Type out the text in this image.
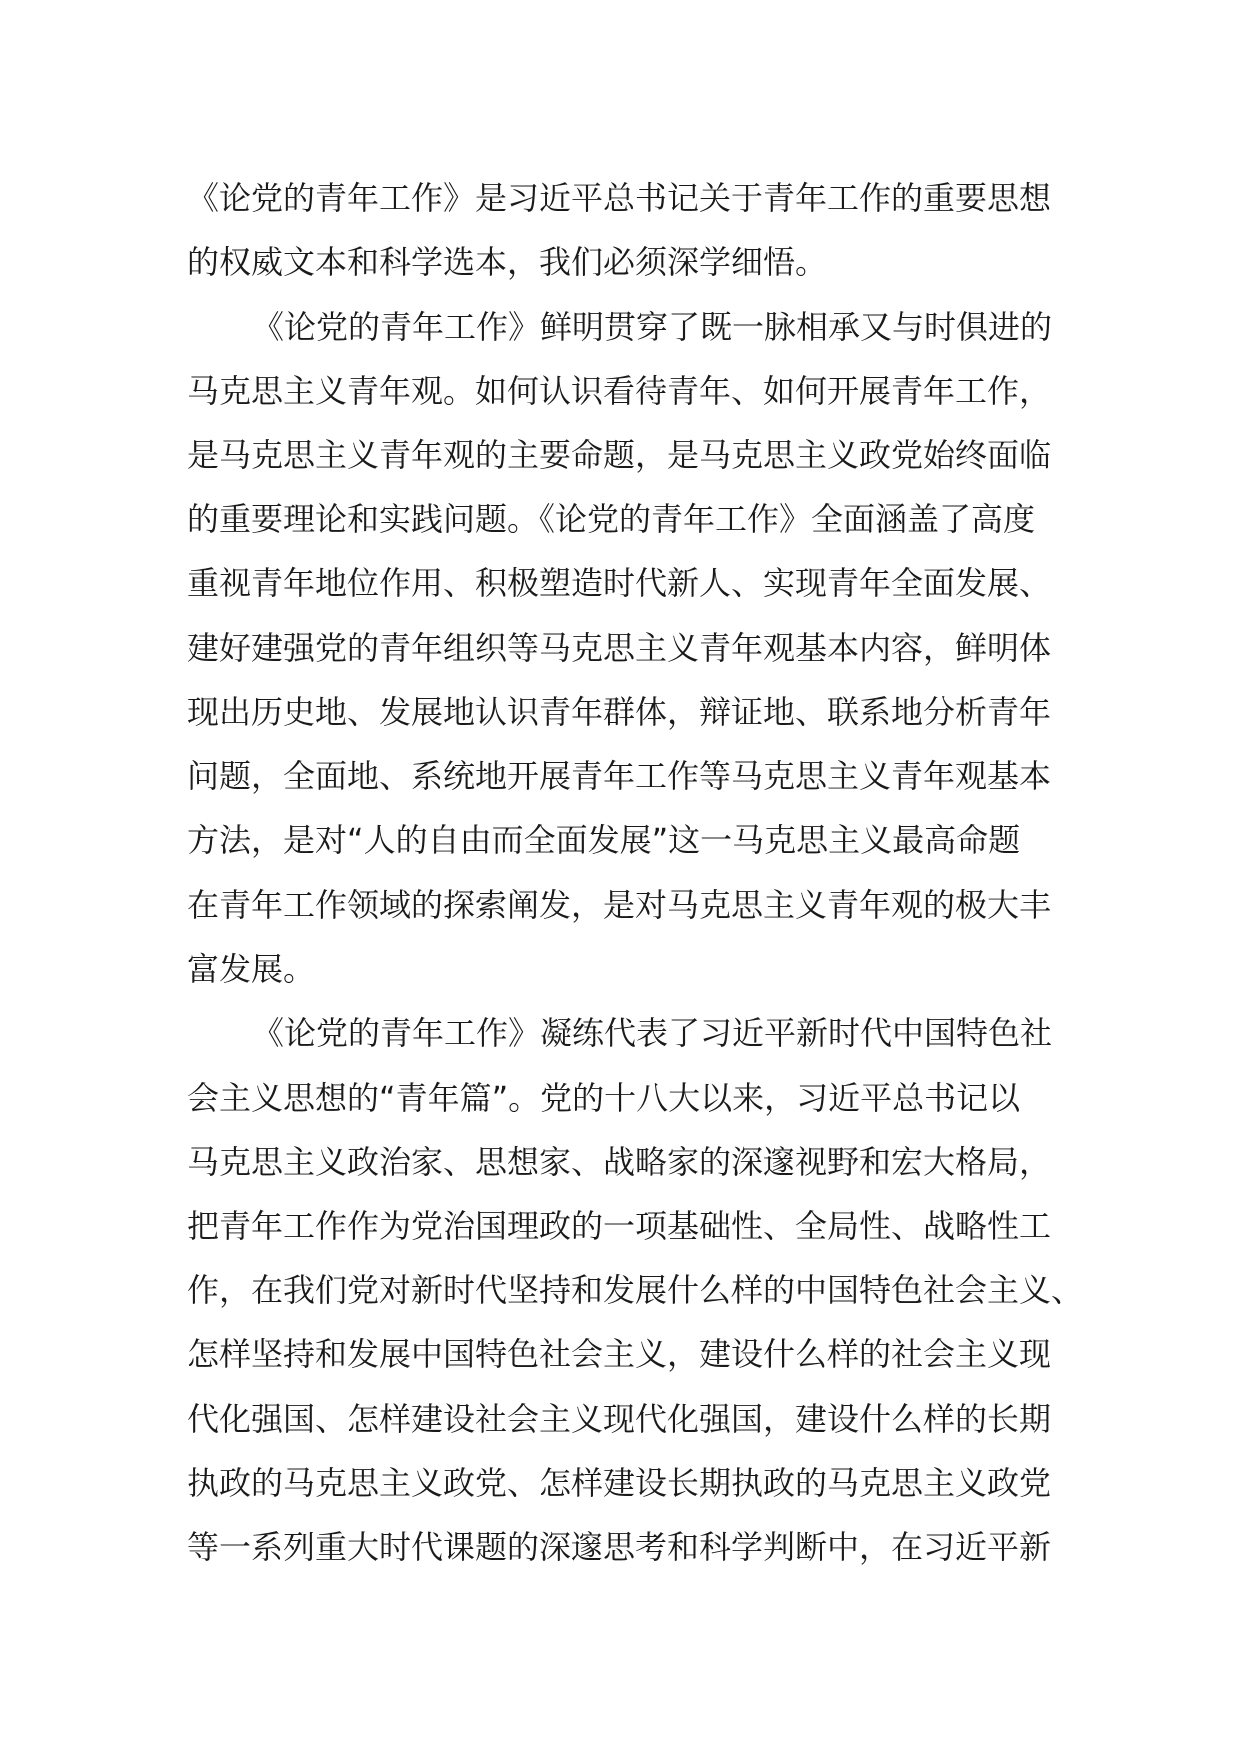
《论党的青年工作》是习近平总书记关于青年工作的重要思想
的权威文本和科学选本，我们必须深学细悟。
《论党的青年工作》鲜明贯穿了既一脉相承又与时俱进的
马克思主义青年观。如何认识看待青年、如何开展青年工作，
是马克思主义青年观的主要命题，是马克思主义政党始终面临
的重要理论和实践问题。《论党的青年工作》全面涵盖了高度
重视青年地位作用、积极塑造时代新人、实现青年全面发展、
建好建强党的青年组织等马克思主义青年观基本内容，鲜明体
现出历史地、发展地认识青年群体，辩证地、联系地分析青年
问题，全面地、系统地开展青年工作等马克思主义青年观基本
方法，是对“人的自由而全面发展”这一马克思主义最高命题
在青年工作领域的探索阐发，是对马克思主义青年观的极大丰
富发展。
《论党的青年工作》凝练代表了习近平新时代中国特色社
会主义思想的“青年篇”。党的十八大以来，习近平总书记以
马克思主义政治家、思想家、战略家的深邃视野和宏大格局，
把青年工作作为党治国理政的一项基础性、全局性、战略性工
作，在我们党对新时代坚持和发展什么样的中国特色社会主义、
怎样坚持和发展中国特色社会主义，建设什么样的社会主义现
代化强国、怎样建设社会主义现代化强国，建设什么样的长期
执政的马克思主义政党、怎样建设长期执政的马克思主义政党
等一系列重大时代课题的深邃思考和科学判断中，在习近平新
